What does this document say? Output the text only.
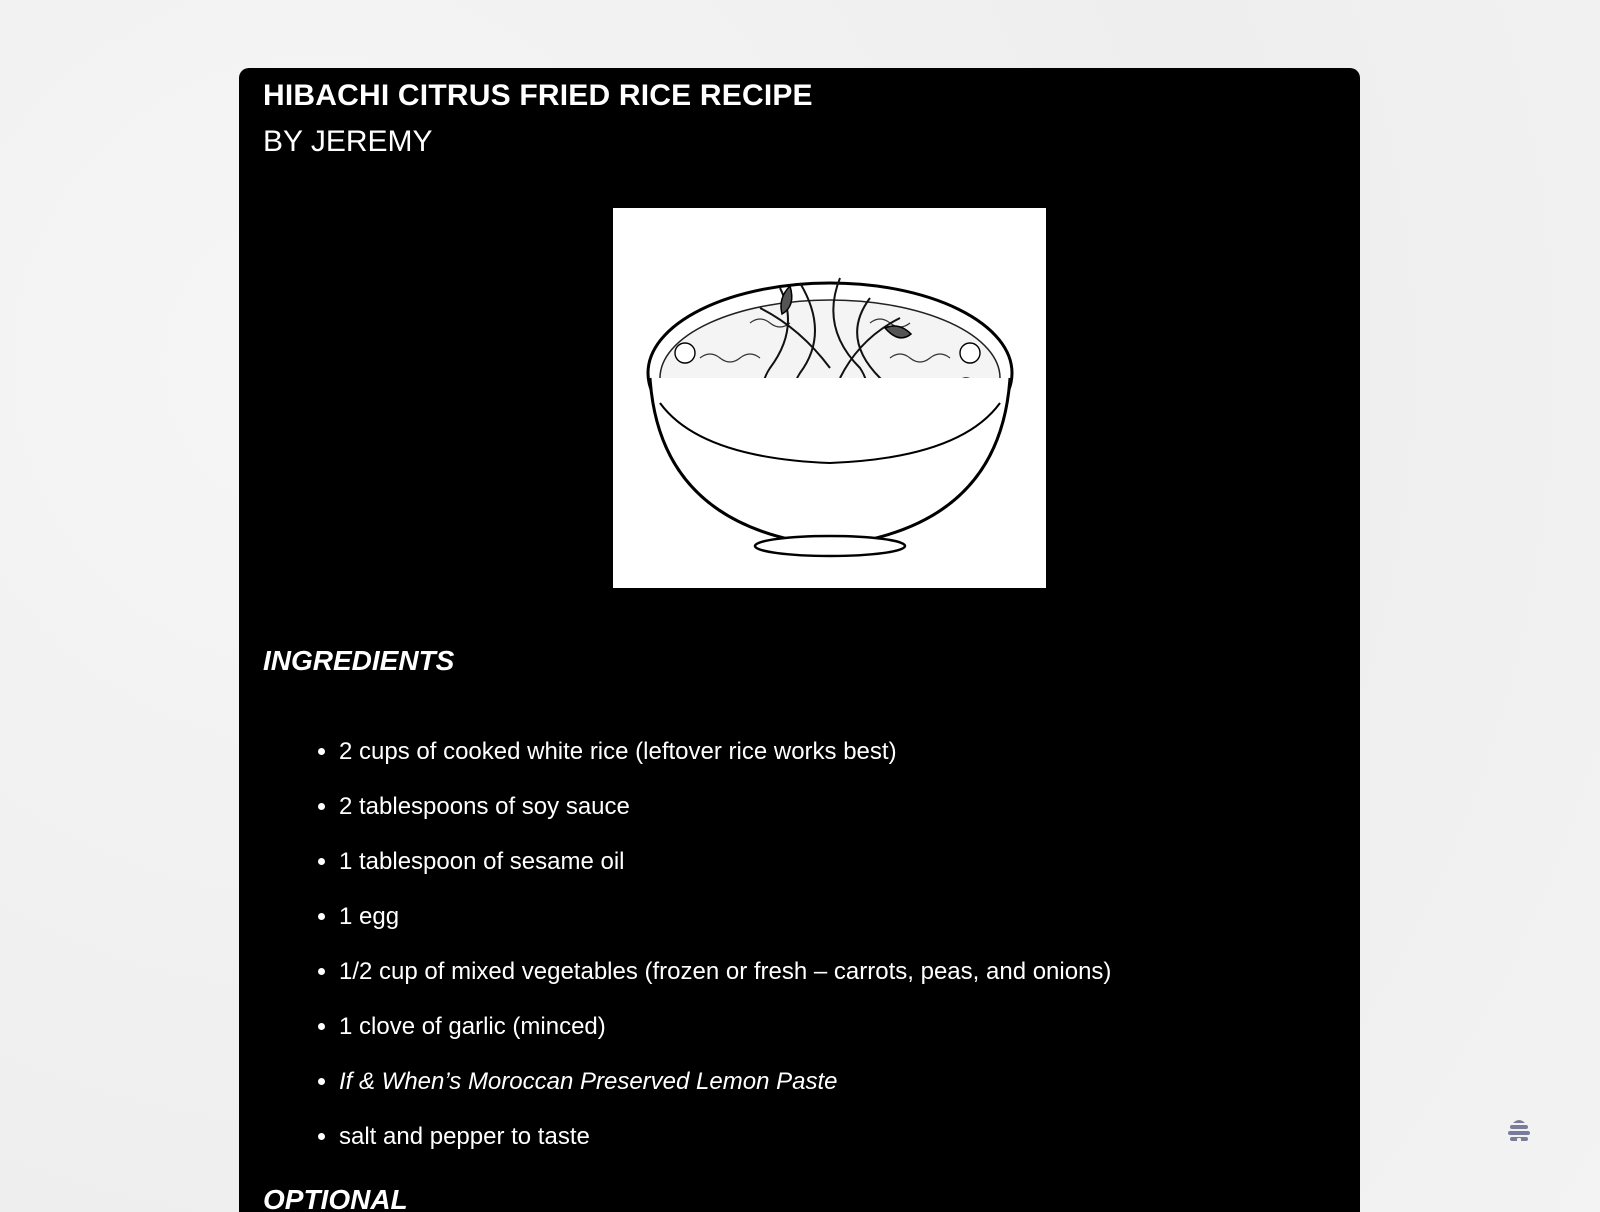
HIBACHI CITRUS FRIED RICE RECIPE
BY JEREMY
INGREDIENTS
• 2 cups of cooked white rice (leftover rice works best)
• 2 tablespoons of soy sauce
• 1 tablespoon of sesame oil
• 1 egg
• 1/2 cup of mixed vegetables (frozen or fresh – carrots, peas, and onions)
• 1 clove of garlic (minced)
• If & When’s Moroccan Preserved Lemon Paste
• salt and pepper to taste
OPTIONAL
